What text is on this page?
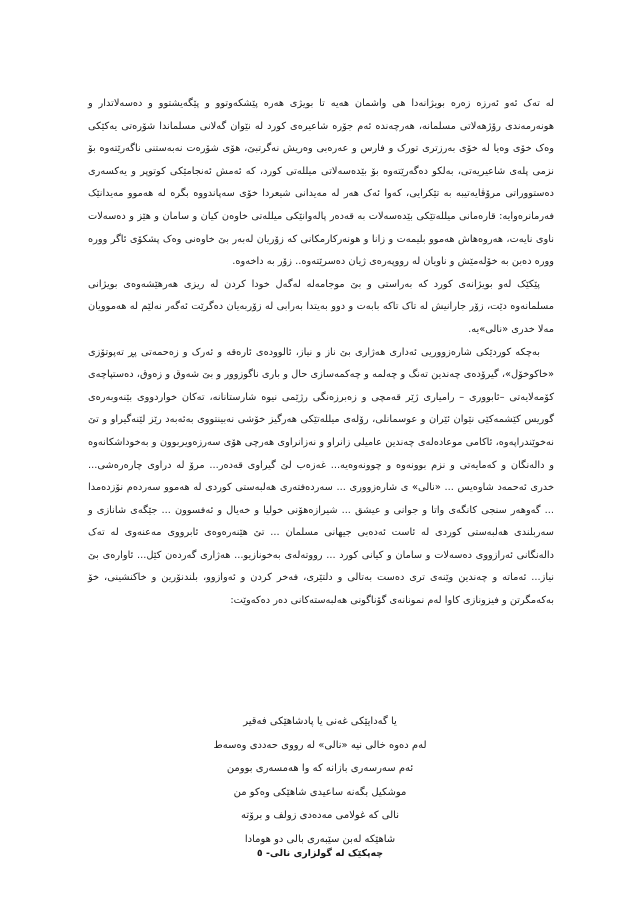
له‌ ته‌ک ئه‌و ئه‌رزه‌ زه‌ره‌ بویژانه‌دا هی واشمان هه‌یه‌ تا بویژی هه‌ره‌ پێشکه‌وتوو و پێگه‌یشتوو و ده‌سه‌لاتدار و هونه‌رمه‌ندی رۆژهه‌لاتی مسلمانه‌، هه‌رچه‌نده‌ ئه‌م جۆره‌ شاعیره‌ی کورد له‌ نێوان گه‌لانی مسلماندا شۆره‌تی یه‌کێکی وه‌ک خۆی وه‌یا له‌ خۆی به‌رزتری تورک و فارس و عه‌ره‌بی وه‌ریش نه‌گرتبێ، هۆی شۆره‌ت نه‌به‌ستنی ناگه‌رێته‌وه‌ بۆ نزمی پله‌ی شاعیریه‌تی، به‌لکو ده‌گه‌رێته‌وه‌ بۆ بێده‌سه‌لاتی میلله‌تی کورد، که‌ ئه‌مش ئه‌نجامێکی کوتوپر و یه‌کسه‌ری ده‌ستووراتی مرۆڤایه‌تیبه‌ به‌ تێکرایی، که‌وا ئه‌ک هه‌ر له‌ مه‌یدانی شیعردا خۆی سه‌پاندووه‌ بگره‌ له‌ هه‌موو مه‌یدانێک فه‌رمانره‌وایه‌: قاره‌مانی میلله‌تێکی بێده‌سه‌لات به‌ قه‌ده‌ر پاله‌وانێکی میلله‌تی خاوه‌ن کیان و سامان و هێز و ده‌سه‌لات ناوی نایه‌ت، هه‌روه‌هاش هه‌موو بلیمه‌ت و زانا و هونه‌رکارمکانی که‌ زۆریان له‌به‌ر بێ خاوه‌نی وه‌ک پشکۆی ئاگر ووره‌ ووره‌ ده‌بن به‌ خۆله‌مێش و ناویان له‌ رووپه‌ره‌ی ژیان ده‌سرێته‌وه‌.. زۆر به‌ داخه‌وه‌.

پێکێک له‌و بویژانه‌ی کورد که‌ به‌راستی و بێ موجامه‌له‌ له‌گه‌ل خودا کردن له‌ ریزی هه‌رهێشه‌وه‌ی بویژانی مسلمانه‌وه‌ دێت، زۆر جارانیش له‌ تاک تاکه‌ بابه‌ت و دوو به‌یتدا به‌رابی له‌ زۆربه‌یان ده‌گرێت ئه‌گه‌ر نه‌لێم له‌ هه‌موویان مه‌لا خدری «نالی»یه‌.

به‌چکه‌ کوردێکی شاره‌زووریی ئه‌داری هه‌ژاری بێ ناز و نیاز، ئالووده‌ی ئاره‌قه‌ و ئه‌رک و زه‌حمه‌تی پڕ ته‌پوتۆزی «خاکوخۆل»، گیرۆده‌ی چه‌ندین ته‌نگ و چه‌لمه‌ و چه‌کمه‌سازی حال و باری ناگوزوور و بێ شه‌وق و زه‌وق، ده‌ستپاچه‌ی کۆمه‌لایه‌تی –ئابووری – رامیاری ژێر قه‌مچی و زه‌برزه‌نگی رژێمی نیوه‌ شارستانانه‌، ته‌کان خواردووی بێنه‌وبه‌ره‌ی گوریس کێشمه‌کێی نێوان ئێران و عوسمانلی، رۆله‌ی میلله‌تێکی هه‌رگیز خۆشی نه‌بینتووی به‌ئه‌به‌د رێز لێنه‌گیراو و تێ نه‌خوێندراپه‌وه‌، ئاکامی موعاده‌له‌ی چه‌ندین عامیلی زانراو و نه‌زانراوی هه‌رچی هۆی سه‌رزه‌ویربوون و به‌خوداشکانه‌وه‌ و داله‌نگان و که‌مایه‌تی و نزم بوونه‌وه‌ و چوونه‌وه‌یه‌... غه‌زه‌ب لێ گیراوی قه‌ده‌ر... مرۆ له‌ دراوی چاره‌رەشی... خدری ئه‌حمه‌د شاوه‌یس ... «نالی» ی شاره‌زووری ... سه‌رده‌فته‌ری هه‌لبه‌ستی کوردی له‌ هه‌موو سه‌رده‌م نۆزده‌مدا ... گه‌وهه‌ر سنجی کانگه‌ی واتا و جوانی و عیشق ... شیرازه‌هۆنی خولیا و خه‌یال و ئه‌فسوون ... جێگه‌ی شانازی و سه‌ربلندی هه‌لبه‌ستی کوردی له‌ ئاست ئه‌ده‌بی جیهانی مسلمان ... تێ هێنه‌ره‌وه‌ی ئابرووی مه‌عنه‌وی له‌ ته‌ک داله‌نگانی ئه‌رازووی ده‌سه‌لات و سامان و کیانی کورد ... رووته‌له‌ی به‌خونازیو... هه‌ژاری گه‌رده‌ن کێل... ئاواره‌ی بێ نیاز... ئه‌ماته‌ و چه‌ندین وێنه‌ی تری ده‌ست به‌تالی و دلتێری، فه‌خر کردن و ئه‌وازوو، بلندنۆرین و خاکنشینی، خۆ به‌که‌مگرتن و فیزونازی کاوا له‌م نمونانه‌ی گۆناگونی هه‌لبه‌سته‌کانی ده‌ر ده‌که‌وێت:

یا گه‌دایێکی غه‌نی یا پادشاهێکی فه‌قیر

له‌م ده‌وه‌ خالی نیه‌ «نالی» له‌ رووی حه‌ددی وه‌سه‌ط

ئه‌م سه‌رسه‌ری بازانه‌ که‌ وا هه‌مسه‌ری بوومن

موشکیل بگه‌نه‌ ساعیدی شاهێکی وه‌کو من

نالی که‌ غولامی مه‌ده‌دی زولف و برۆته‌

شاهێکه‌ له‌بن سێبه‌ری بالی دو هومادا

چه‌پکێک له‌ گولزاری نالی- ٥
